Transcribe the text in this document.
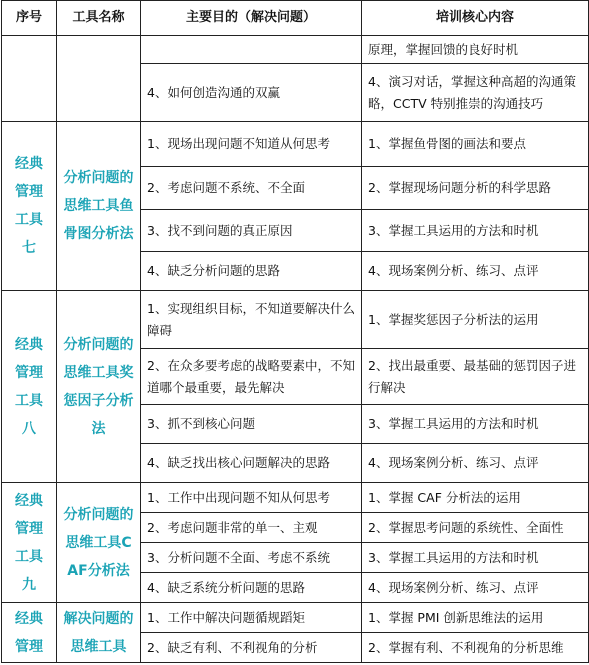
序号	工具名称	主要目的（解决问题）	培训核心内容
			原理，掌握回馈的良好时机
		4、如何创造沟通的双赢	4、演习对话，掌握这种高超的沟通策略，CCTV 特别推崇的沟通技巧
经典管理工具七	分析问题的思维工具鱼骨图分析法	1、现场出现问题不知道从何思考	1、掌握鱼骨图的画法和要点
		2、考虑问题不系统、不全面	2、掌握现场问题分析的科学思路
		3、找不到问题的真正原因	3、掌握工具运用的方法和时机
		4、缺乏分析问题的思路	4、现场案例分析、练习、点评
经典管理工具八	分析问题的思维工具奖惩因子分析法	1、实现组织目标，不知道要解决什么障碍	1、掌握奖惩因子分析法的运用
		2、在众多要考虑的战略要素中，不知道哪个最重要，最先解决	2、找出最重要、最基础的惩罚因子进行解决
		3、抓不到核心问题	3、掌握工具运用的方法和时机
		4、缺乏找出核心问题解决的思路	4、现场案例分析、练习、点评
经典管理工具九	分析问题的思维工具CAF分析法	1、工作中出现问题不知从何思考	1、掌握 CAF 分析法的运用
		2、考虑问题非常的单一、主观	2、掌握思考问题的系统性、全面性
		3、分析问题不全面、考虑不系统	3、掌握工具运用的方法和时机
		4、缺乏系统分析问题的思路	4、现场案例分析、练习、点评
经典管理	解决问题的思维工具	1、工作中解决问题循规蹈矩	1、掌握 PMI 创新思维法的运用
		2、缺乏有利、不利视角的分析	2、掌握有利、不利视角的分析思维
